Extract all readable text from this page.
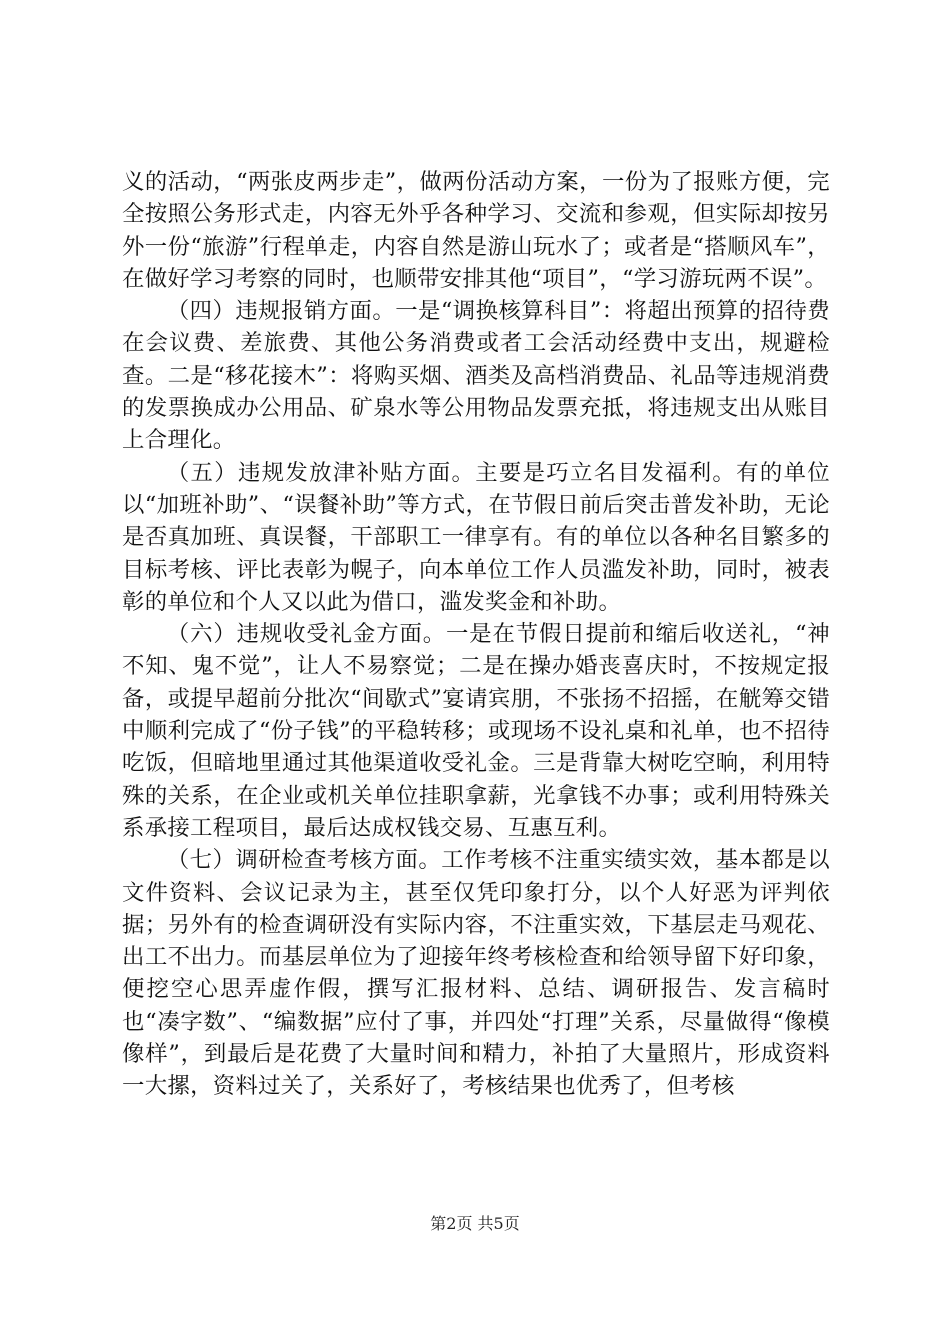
义的活动，“两张皮两步走”，做两份活动方案，一份为了报账方便，完全按照公务形式走，内容无外乎各种学习、交流和参观，但实际却按另外一份“旅游”行程单走，内容自然是游山玩水了；或者是“搭顺风车”，在做好学习考察的同时，也顺带安排其他“项目”，“学习游玩两不误”。

（四）违规报销方面。一是“调换核算科目”：将超出预算的招待费在会议费、差旅费、其他公务消费或者工会活动经费中支出，规避检查。二是“移花接木”：将购买烟、酒类及高档消费品、礼品等违规消费的发票换成办公用品、矿泉水等公用物品发票充抵，将违规支出从账目上合理化。

（五）违规发放津补贴方面。主要是巧立名目发福利。有的单位以“加班补助”、“误餐补助”等方式，在节假日前后突击普发补助，无论是否真加班、真误餐，干部职工一律享有。有的单位以各种名目繁多的目标考核、评比表彰为幌子，向本单位工作人员滥发补助，同时，被表彰的单位和个人又以此为借口，滥发奖金和补助。

（六）违规收受礼金方面。一是在节假日提前和缩后收送礼，“神不知、鬼不觉”，让人不易察觉；二是在操办婚丧喜庆时，不按规定报备，或提早超前分批次“间歇式”宴请宾朋，不张扬不招摇，在觥筹交错中顺利完成了“份子钱”的平稳转移；或现场不设礼桌和礼单，也不招待吃饭，但暗地里通过其他渠道收受礼金。三是背靠大树吃空晌，利用特殊的关系，在企业或机关单位挂职拿薪，光拿钱不办事；或利用特殊关系承接工程项目，最后达成权钱交易、互惠互利。

（七）调研检查考核方面。工作考核不注重实绩实效，基本都是以文件资料、会议记录为主，甚至仅凭印象打分，以个人好恶为评判依据；另外有的检查调研没有实际内容，不注重实效，下基层走马观花、出工不出力。而基层单位为了迎接年终考核检查和给领导留下好印象，便挖空心思弄虚作假，撰写汇报材料、总结、调研报告、发言稿时也“凑字数”、“编数据”应付了事，并四处“打理”关系，尽量做得“像模像样”，到最后是花费了大量时间和精力，补拍了大量照片，形成资料一大摞，资料过关了，关系好了，考核结果也优秀了，但考核

第2页 共5页
